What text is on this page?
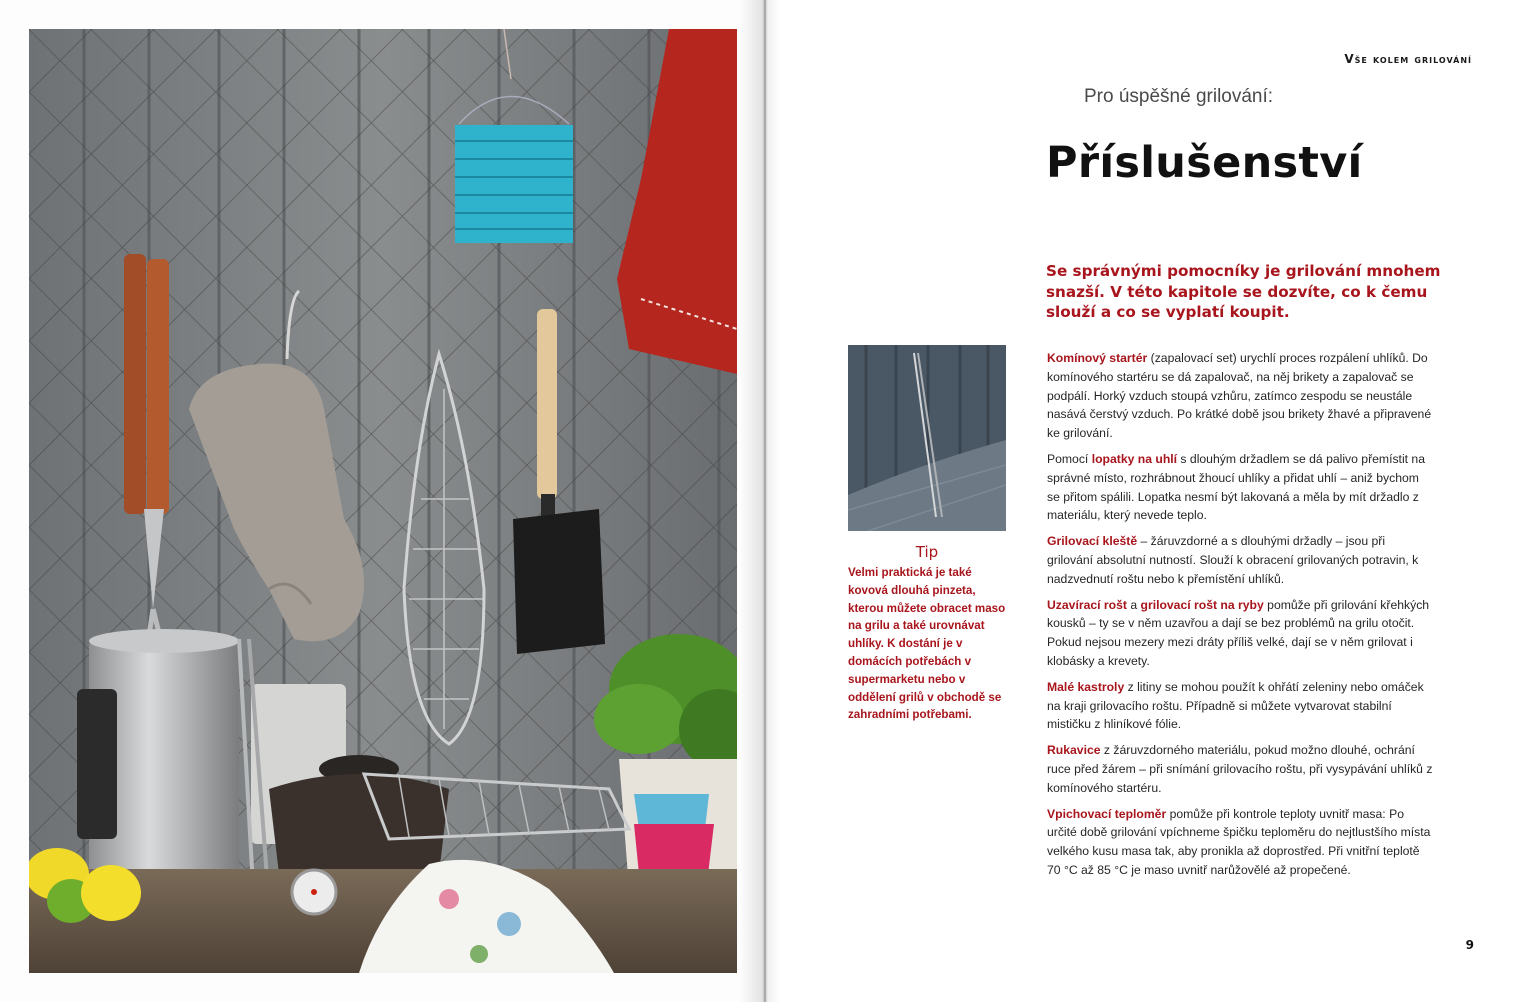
Vše kolem grilování
Pro úspěšné grilování:
Příslušenství
Se správnými pomocníky je grilování mnohem snazší. V této kapitole se dozvíte, co k čemu slouží a co se vyplatí koupit.
Tip
Velmi praktická je také kovová dlouhá pinzeta, kterou můžete obracet maso na grilu a také urovnávat uhlíky. K dostání je v domácích potřebách v supermarketu nebo v oddělení grilů v obchodě se zahradními potřebami.

Komínový startér (zapalovací set) urychlí proces rozpálení uhlíků. Do komínového startéru se dá zapalovač, na něj brikety a zapalovač se podpálí. Horký vzduch stoupá vzhůru, zatímco zespodu se neustále nasává čerstvý vzduch. Po krátké době jsou brikety žhavé a připravené ke grilování.

Pomocí lopatky na uhlí s dlouhým držadlem se dá palivo přemístit na správné místo, rozhrábnout žhoucí uhlíky a přidat uhlí – aniž bychom se přitom spálili. Lopatka nesmí být lakovaná a měla by mít držadlo z materiálu, který nevede teplo.

Grilovací kleště – žáruvzdorné a s dlouhými držadly – jsou při grilování absolutní nutností. Slouží k obracení grilovaných potravin, k nadzvednutí roštu nebo k přemístění uhlíků.

Uzavírací rošt a grilovací rošt na ryby pomůže při grilování křehkých kousků – ty se v něm uzavřou a dají se bez problémů na grilu otočit. Pokud nejsou mezery mezi dráty příliš velké, dají se v něm grilovat i klobásky a krevety.

Malé kastroly z litiny se mohou použít k ohřátí zeleniny nebo omáček na kraji grilovacího roštu. Případně si můžete vytvarovat stabilní mističku z hliníkové fólie.

Rukavice z žáruvzdorného materiálu, pokud možno dlouhé, ochrání ruce před žárem – při snímání grilovacího roštu, při vysypávání uhlíků z komínového startéru.

Vpichovací teploměr pomůže při kontrole teploty uvnitř masa: Po určité době grilování vpíchneme špičku teploměru do nejtlustšího místa velkého kusu masa tak, aby pronikla až doprostřed. Při vnitřní teplotě 70 °C až 85 °C je maso uvnitř narůžovělé až propečené.

9
